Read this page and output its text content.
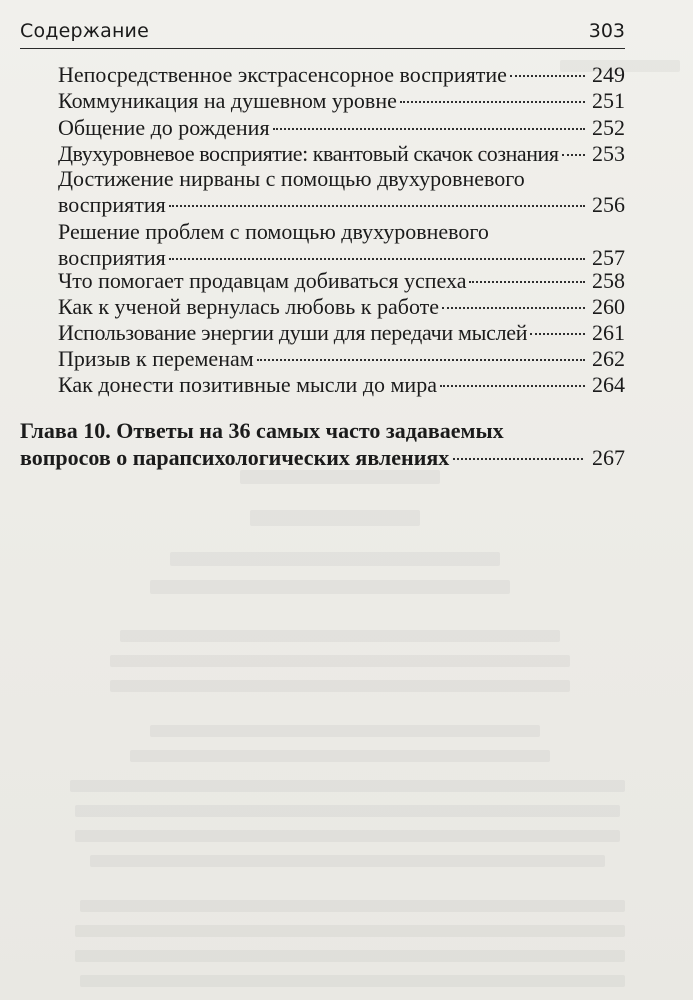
Содержание	303
Непосредственное экстрасенсорное восприятие	249
Коммуникация на душевном уровне	251
Общение до рождения	252
Двухуровневое восприятие: квантовый скачок сознания 253
Достижение нирваны с помощью двухуровневого
восприятия	256
Решение проблем с помощью двухуровневого
восприятия	257
Что помогает продавцам добиваться успеха	258
Как к ученой вернулась любовь к работе	260
Использование энергии души для передачи мыслей	261
Призыв к переменам	262
Как донести позитивные мысли до мира	264
Глава 10. Ответы на 36 самых часто задаваемых
вопросов о парапсихологических явлениях	267
